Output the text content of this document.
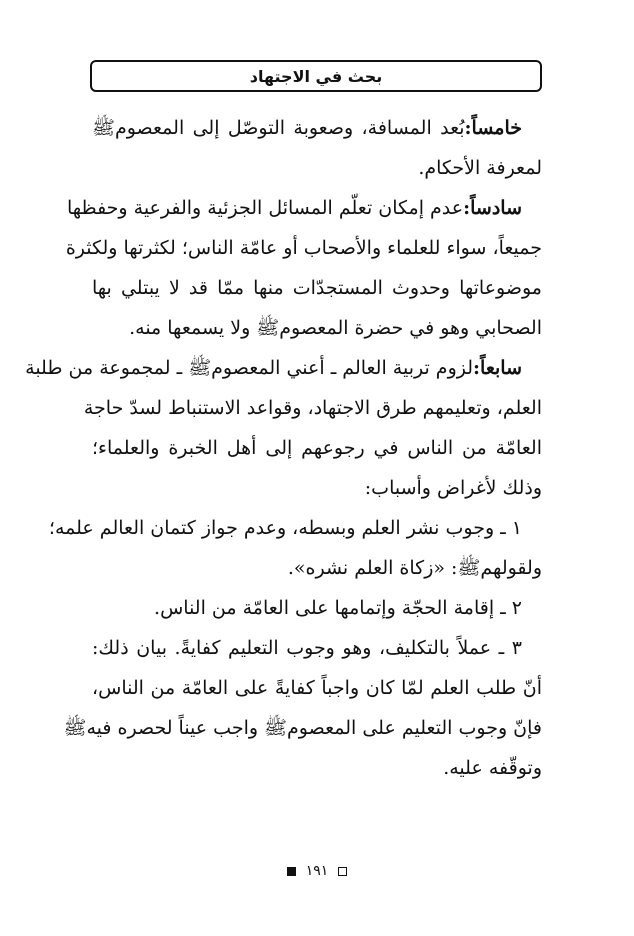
بحث في الاجتهاد
خامساً:بُعد المسافة، وصعوبة التوصّل إلى المعصومﷺ
لمعرفة الأحكام.
سادساً:عدم إمكان تعلّم المسائل الجزئية والفرعية وحفظها
جميعاً، سواء للعلماء والأصحاب أو عامّة الناس؛ لكثرتها ولكثرة
موضوعاتها وحدوث المستجدّات منها ممّا قد لا يبتلي بها
الصحابي وهو في حضرة المعصومﷺ ولا يسمعها منه.
سابعاً:لزوم تربية العالم ـ أعني المعصومﷺ ـ لمجموعة من طلبة
العلم، وتعليمهم طرق الاجتهاد، وقواعد الاستنباط لسدّ حاجة
العامّة من الناس في رجوعهم إلى أهل الخبرة والعلماء؛
وذلك لأغراض وأسباب:
١ ـ وجوب نشر العلم وبسطه، وعدم جواز كتمان العالم علمه؛
ولقولهمﷺ: «زكاة العلم نشره».
٢ ـ إقامة الحجّة وإتمامها على العامّة من الناس.
٣ ـ عملاً بالتكليف، وهو وجوب التعليم كفايةً. بيان ذلك:
أنّ طلب العلم لمّا كان واجباً كفايةً على العامّة من الناس،
فإنّ وجوب التعليم على المعصومﷺ واجب عيناً لحصره فيهﷺ
وتوقّفه عليه.
١٩١
